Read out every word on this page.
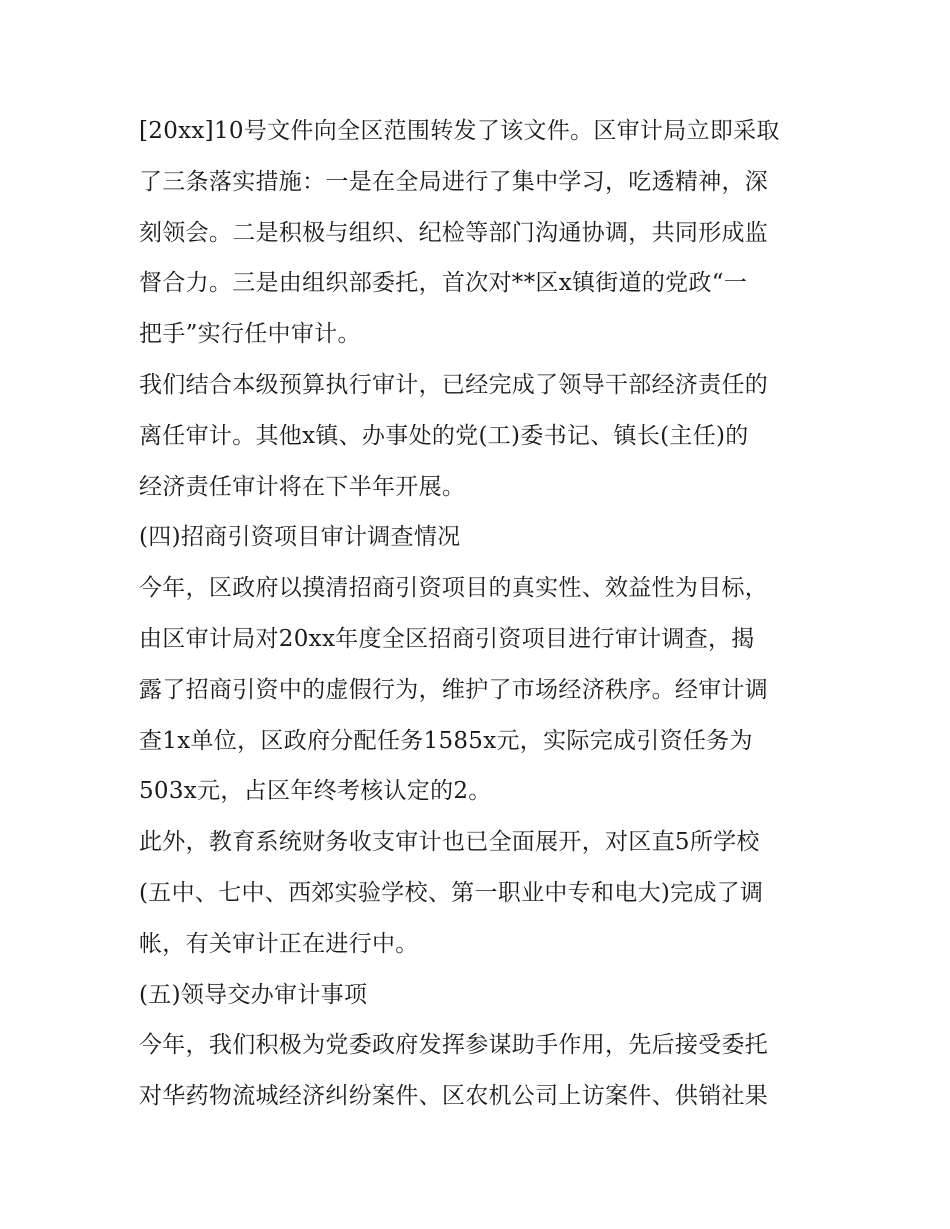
[20xx]10号文件向全区范围转发了该文件。区审计局立即采取
了三条落实措施：一是在全局进行了集中学习，吃透精神，深
刻领会。二是积极与组织、纪检等部门沟通协调，共同形成监
督合力。三是由组织部委托，首次对**区x镇街道的党政“一
把手”实行任中审计。
我们结合本级预算执行审计，已经完成了领导干部经济责任的
离任审计。其他x镇、办事处的党(工)委书记、镇长(主任)的
经济责任审计将在下半年开展。
(四)招商引资项目审计调查情况
今年，区政府以摸清招商引资项目的真实性、效益性为目标，
由区审计局对20xx年度全区招商引资项目进行审计调查，揭
露了招商引资中的虚假行为，维护了市场经济秩序。经审计调
查1x单位，区政府分配任务1585x元，实际完成引资任务为
503x元，占区年终考核认定的2。
此外，教育系统财务收支审计也已全面展开，对区直5所学校
(五中、七中、西郊实验学校、第一职业中专和电大)完成了调
帐，有关审计正在进行中。
(五)领导交办审计事项
今年，我们积极为党委政府发挥参谋助手作用，先后接受委托
对华药物流城经济纠纷案件、区农机公司上访案件、供销社果
